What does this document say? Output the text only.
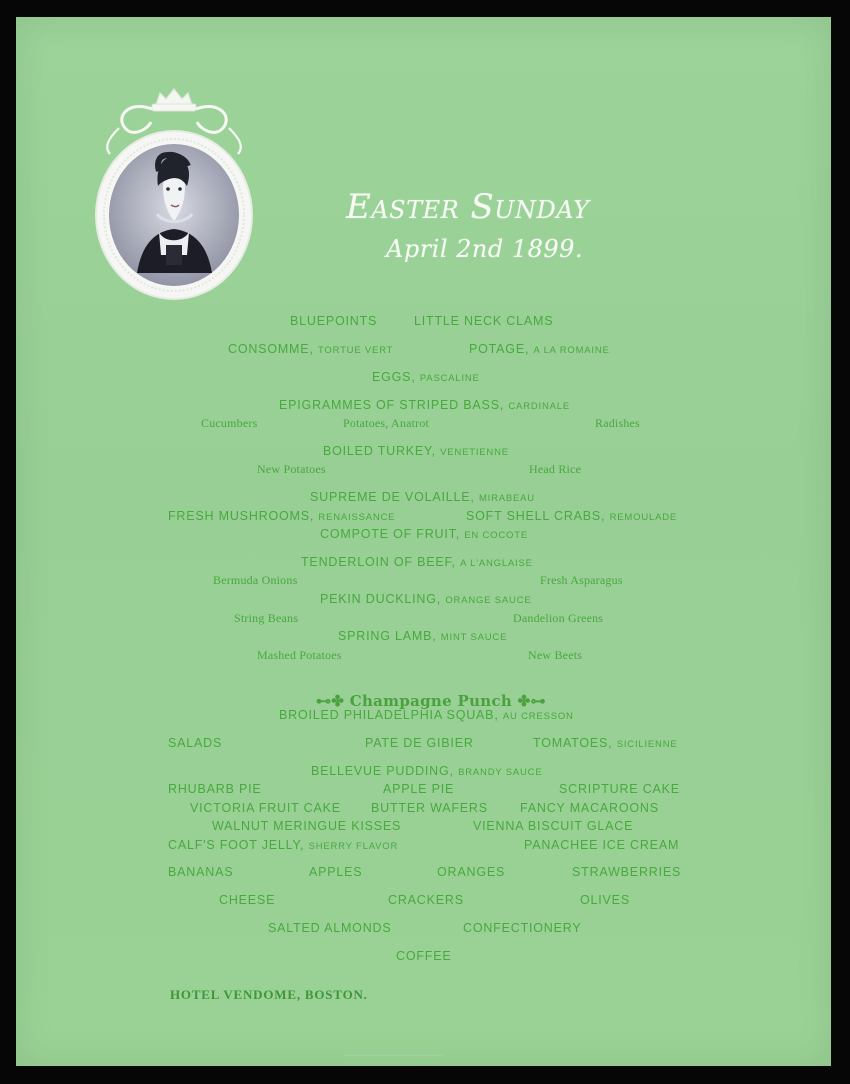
Easter Sunday
April 2nd 1899.
BLUEPOINTS	LITTLE NECK CLAMS
CONSOMME, TORTUE VERT	POTAGE, A LA ROMAINE
EGGS, PASCALINE
EPIGRAMMES OF STRIPED BASS, CARDINALE
Cucumbers	Potatoes, Anatrot	Radishes
BOILED TURKEY, VENETIENNE
New Potatoes	Head Rice
SUPREME DE VOLAILLE, MIRABEAU
FRESH MUSHROOMS, RENAISSANCE	SOFT SHELL CRABS, REMOULADE
COMPOTE OF FRUIT, EN COCOTE
TENDERLOIN OF BEEF, A L'ANGLAISE
Bermuda Onions	Fresh Asparagus
PEKIN DUCKLING, ORANGE SAUCE
String Beans	Dandelion Greens
SPRING LAMB, MINT SAUCE
Mashed Potatoes	New Beets
⊷✤ Champagne Punch ✤⊶
BROILED PHILADELPHIA SQUAB, AU CRESSON
SALADS	PATE DE GIBIER	TOMATOES, SICILIENNE
BELLEVUE PUDDING, BRANDY SAUCE
RHUBARB PIE	APPLE PIE	SCRIPTURE CAKE
VICTORIA FRUIT CAKE BUTTER WAFERS	FANCY MACAROONS
WALNUT MERINGUE KISSES	VIENNA BISCUIT GLACE
CALF'S FOOT JELLY, SHERRY FLAVOR	PANACHEE ICE CREAM
BANANAS	APPLES	ORANGES	STRAWBERRIES
CHEESE	CRACKERS	OLIVES
SALTED ALMONDS	CONFECTIONERY
COFFEE
HOTEL VENDOME, BOSTON.
••••••••••••••••••••••••••••••••••••
